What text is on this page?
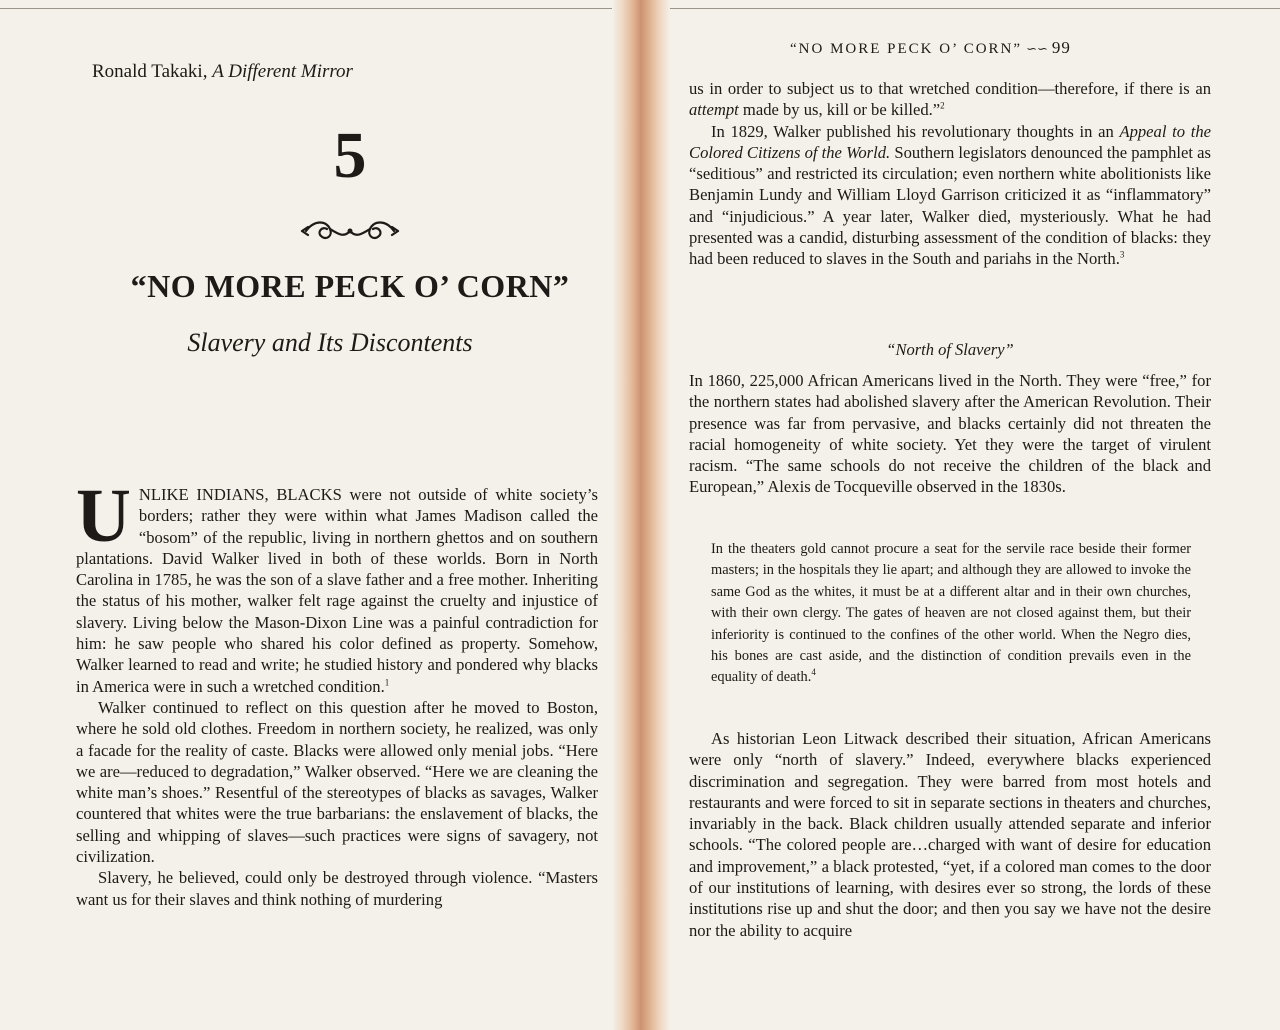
Ronald Takaki, A Different Mirror
5
“NO MORE PECK O’ CORN”
Slavery and Its Discontents

UNLIKE INDIANS, BLACKS were not outside of white society’s borders; rather they were within what James Madison called the “bosom” of the republic, living in northern ghettos and on southern plantations. David Walker lived in both of these worlds. Born in North Carolina in 1785, he was the son of a slave father and a free mother. Inheriting the status of his mother, walker felt rage against the cruelty and injustice of slavery. Living below the Mason-Dixon Line was a painful contradiction for him: he saw people who shared his color defined as property. Somehow, Walker learned to read and write; he studied history and pondered why blacks in America were in such a wretched condition.$^1$

Walker continued to reflect on this question after he moved to Boston, where he sold old clothes. Freedom in northern society, he realized, was only a facade for the reality of caste. Blacks were allowed only menial jobs. “Here we are—reduced to degradation,” Walker observed. “Here we are cleaning the white man’s shoes.” Resentful of the stereotypes of blacks as savages, Walker countered that whites were the true barbarians: the enslavement of blacks, the selling and whipping of slaves—such practices were signs of savagery, not civilization.

Slavery, he believed, could only be destroyed through violence. “Masters want us for their slaves and think nothing of murdering

“NO MORE PECK O’ CORN” ∽∽ 99

us in order to subject us to that wretched condition—therefore, if there is an attempt made by us, kill or be killed.”$^2$

In 1829, Walker published his revolutionary thoughts in an Appeal to the Colored Citizens of the World. Southern legislators denounced the pamphlet as “seditious” and restricted its circulation; even northern white abolitionists like Benjamin Lundy and William Lloyd Garrison criticized it as “inflammatory” and “injudicious.” A year later, Walker died, mysteriously. What he had presented was a candid, disturbing assessment of the condition of blacks: they had been reduced to slaves in the South and pariahs in the North.$^3$

“North of Slavery”

In 1860, 225,000 African Americans lived in the North. They were “free,” for the northern states had abolished slavery after the American Revolution. Their presence was far from pervasive, and blacks certainly did not threaten the racial homogeneity of white society. Yet they were the target of virulent racism. “The same schools do not receive the children of the black and European,” Alexis de Tocqueville observed in the 1830s.

In the theaters gold cannot procure a seat for the servile race beside their former masters; in the hospitals they lie apart; and although they are allowed to invoke the same God as the whites, it must be at a different altar and in their own churches, with their own clergy. The gates of heaven are not closed against them, but their inferiority is continued to the confines of the other world. When the Negro dies, his bones are cast aside, and the distinction of condition prevails even in the equality of death.$^4$

As historian Leon Litwack described their situation, African Americans were only “north of slavery.” Indeed, everywhere blacks experienced discrimination and segregation. They were barred from most hotels and restaurants and were forced to sit in separate sections in theaters and churches, invariably in the back. Black children usually attended separate and inferior schools. “The colored people are…charged with want of desire for education and improvement,” a black protested, “yet, if a colored man comes to the door of our institutions of learning, with desires ever so strong, the lords of these institutions rise up and shut the door; and then you say we have not the desire nor the ability to acquire
